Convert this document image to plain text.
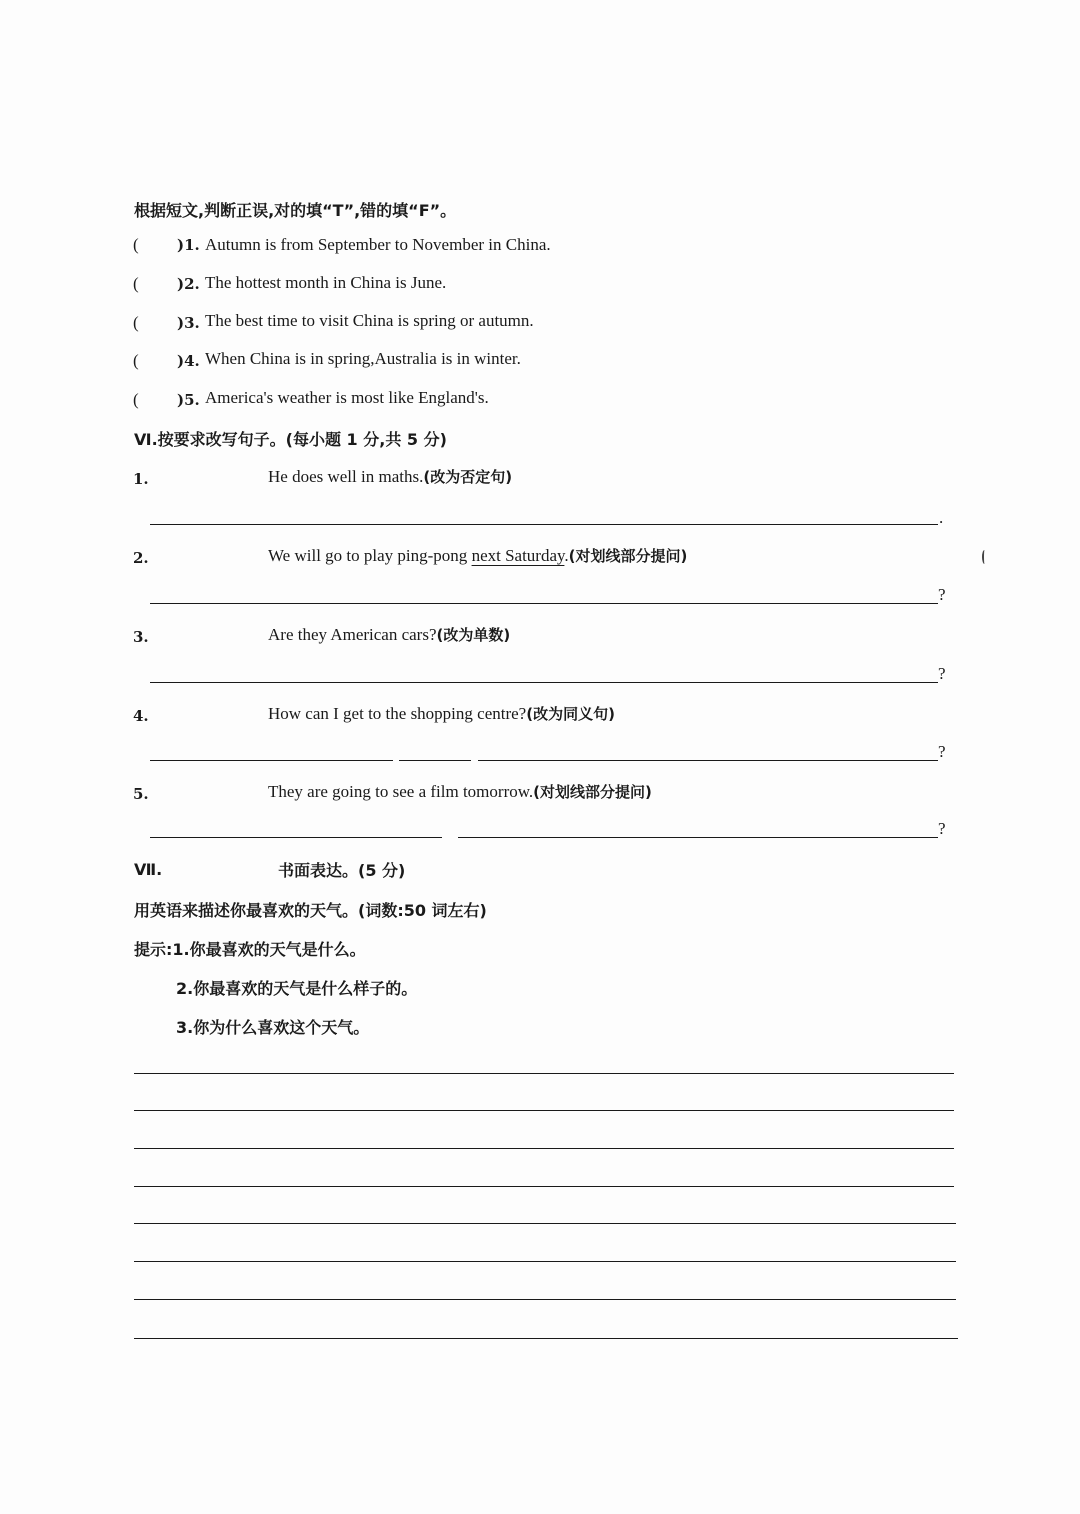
根据短文,判断正误,对的填“T”,错的填“F”。
(	)1. Autumn is from September to November in China.
(	)2. The hottest month in China is June.
(	)3. The best time to visit China is spring or autumn.
(	)4. When China is in spring,Australia is in winter.
(	)5. America's weather is most like England's.
Ⅵ.按要求改写句子。(每小题 1 分,共 5 分)
1.	He does well in maths.(改为否定句)
.
2.	We will go to play ping-pong next Saturday.(对划线部分提问)
?
3.	Are they American cars?(改为单数)
?
4.	How can I get to the shopping centre?(改为同义句)
?
5.	They are going to see a film tomorrow.(对划线部分提问)
?
Ⅶ.	书面表达。(5 分)
用英语来描述你最喜欢的天气。(词数:50 词左右)
提示:1.你最喜欢的天气是什么。
2.你最喜欢的天气是什么样子的。
3.你为什么喜欢这个天气。
